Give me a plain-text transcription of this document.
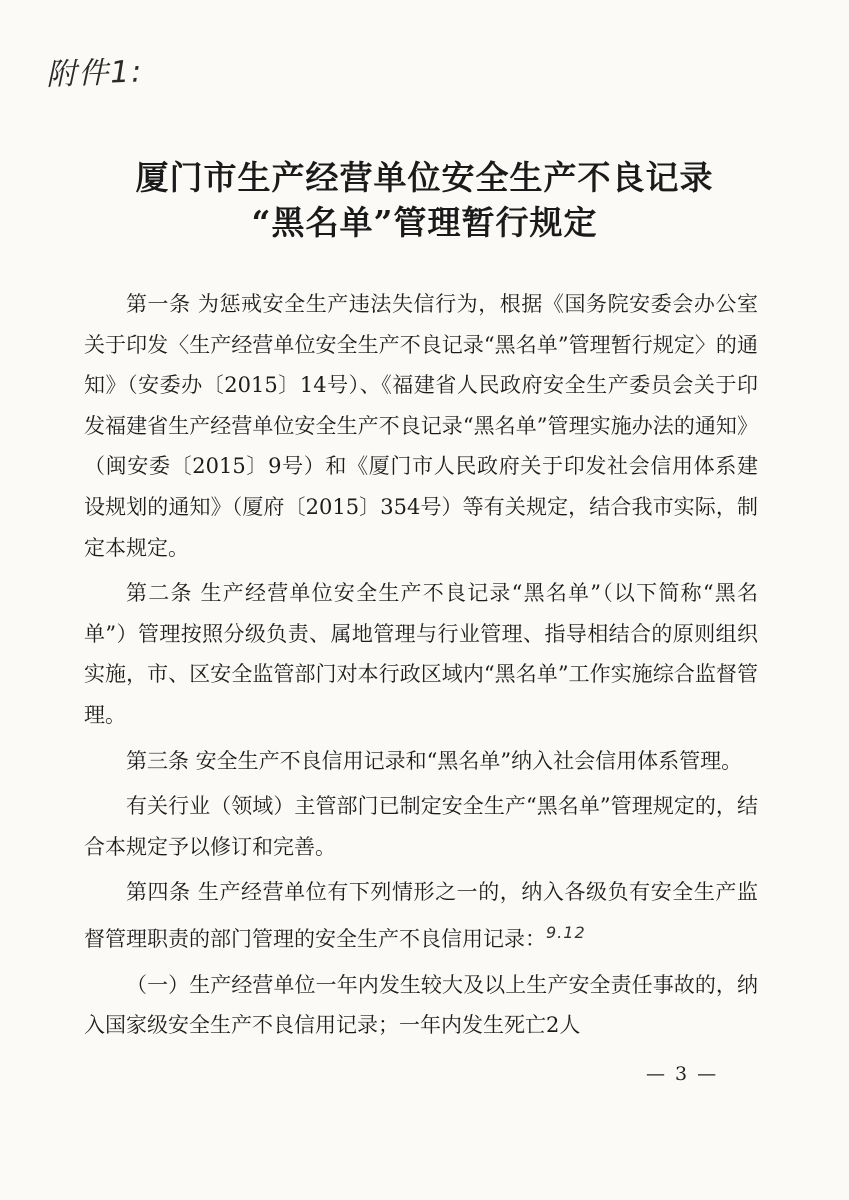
附件1:
厦门市生产经营单位安全生产不良记录
“黑名单”管理暂行规定

第一条 为惩戒安全生产违法失信行为，根据《国务院安委会办公室关于印发〈生产经营单位安全生产不良记录“黑名单”管理暂行规定〉的通知》（安委办〔2015〕14号）、《福建省人民政府安全生产委员会关于印发福建省生产经营单位安全生产不良记录“黑名单”管理实施办法的通知》（闽安委〔2015〕9号）和《厦门市人民政府关于印发社会信用体系建设规划的通知》（厦府〔2015〕354号）等有关规定，结合我市实际，制定本规定。

第二条 生产经营单位安全生产不良记录“黑名单”（以下简称“黑名单”）管理按照分级负责、属地管理与行业管理、指导相结合的原则组织实施，市、区安全监管部门对本行政区域内“黑名单”工作实施综合监督管理。

第三条 安全生产不良信用记录和“黑名单”纳入社会信用体系管理。

有关行业（领域）主管部门已制定安全生产“黑名单”管理规定的，结合本规定予以修订和完善。

第四条 生产经营单位有下列情形之一的，纳入各级负有安全生产监督管理职责的部门管理的安全生产不良信用记录：$^{9.12}$

（一）生产经营单位一年内发生较大及以上生产安全责任事故的，纳入国家级安全生产不良信用记录；一年内发生死亡2人

— 3 —
